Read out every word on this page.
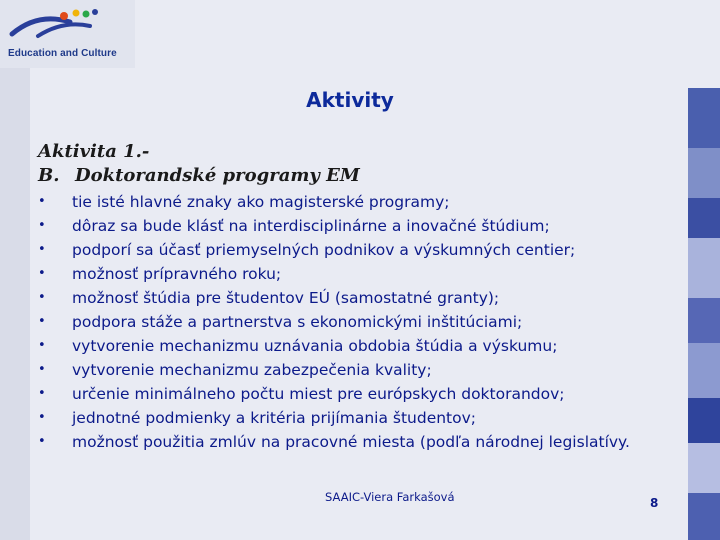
Education and Culture
Aktivity
Aktivita 1.-
B. Doktorandské programy EM
•	tie isté hlavné znaky ako magisterské programy;
•	dôraz sa bude klásť na interdisciplinárne a inovačné štúdium;
•	podporí sa účasť priemyselných podnikov a výskumných centier;
•	možnosť prípravného roku;
•	možnosť štúdia pre študentov EÚ (samostatné granty);
•	podpora stáže a partnerstva s ekonomickými inštitúciami;
•	vytvorenie mechanizmu uznávania obdobia štúdia a výskumu;
•	vytvorenie mechanizmu zabezpečenia kvality;
•	určenie minimálneho počtu miest pre európskych doktorandov;
•	jednotné podmienky a kritéria prijímania študentov;
•	možnosť použitia zmlúv na pracovné miesta (podľa národnej legislatívy.
SAAIC-Viera Farkašová	8
